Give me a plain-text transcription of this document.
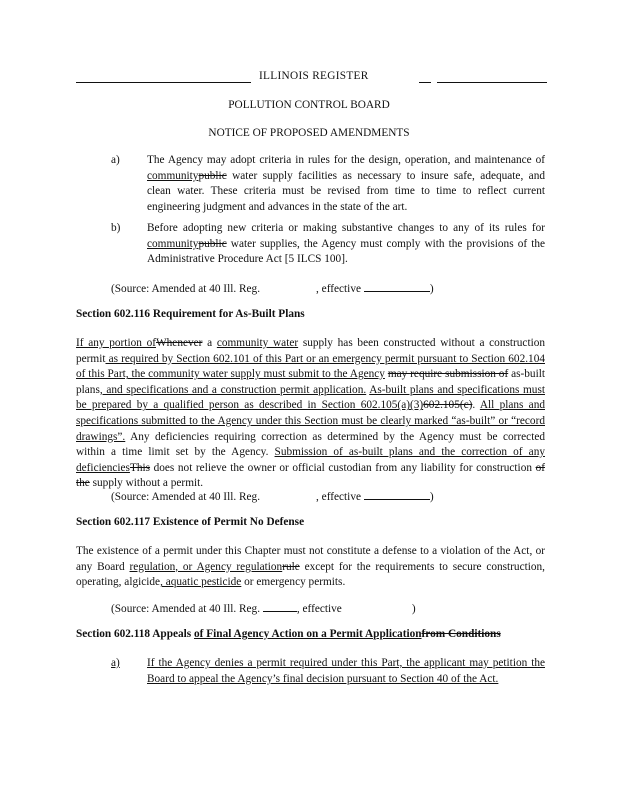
ILLINOIS REGISTER
POLLUTION CONTROL BOARD
NOTICE OF PROPOSED AMENDMENTS
a) The Agency may adopt criteria in rules for the design, operation, and maintenance of communitypublic water supply facilities as necessary to insure safe, adequate, and clean water. These criteria must be revised from time to time to reflect current engineering judgment and advances in the state of the art.
b) Before adopting new criteria or making substantive changes to any of its rules for communitypublic water supplies, the Agency must comply with the provisions of the Administrative Procedure Act [5 ILCS 100].
(Source: Amended at 40 Ill. Reg.	, effective	)
Section 602.116 Requirement for As-Built Plans
If any portion ofWhenever a community water supply has been constructed without a construction permit as required by Section 602.101 of this Part or an emergency permit pursuant to Section 602.104 of this Part, the community water supply must submit to the Agency may require submission of as-built plans, and specifications and a construction permit application. As-built plans and specifications must be prepared by a qualified person as described in Section 602.105(a)(3)602.105(c). All plans and specifications submitted to the Agency under this Section must be clearly marked “as-built” or “record drawings”. Any deficiencies requiring correction as determined by the Agency must be corrected within a time limit set by the Agency. Submission of as-built plans and the correction of any deficienciesThis does not relieve the owner or official custodian from any liability for construction of the supply without a permit.
(Source: Amended at 40 Ill. Reg.	, effective	)
Section 602.117 Existence of Permit No Defense
The existence of a permit under this Chapter must not constitute a defense to a violation of the Act, or any Board regulation, or Agency regulationrule except for the requirements to secure construction, operating, algicide, aquatic pesticide or emergency permits.
(Source: Amended at 40 Ill. Reg.	, effective	)
Section 602.118 Appeals of Final Agency Action on a Permit Applicationfrom Conditions
a) If the Agency denies a permit required under this Part, the applicant may petition the Board to appeal the Agency’s final decision pursuant to Section 40 of the Act.
